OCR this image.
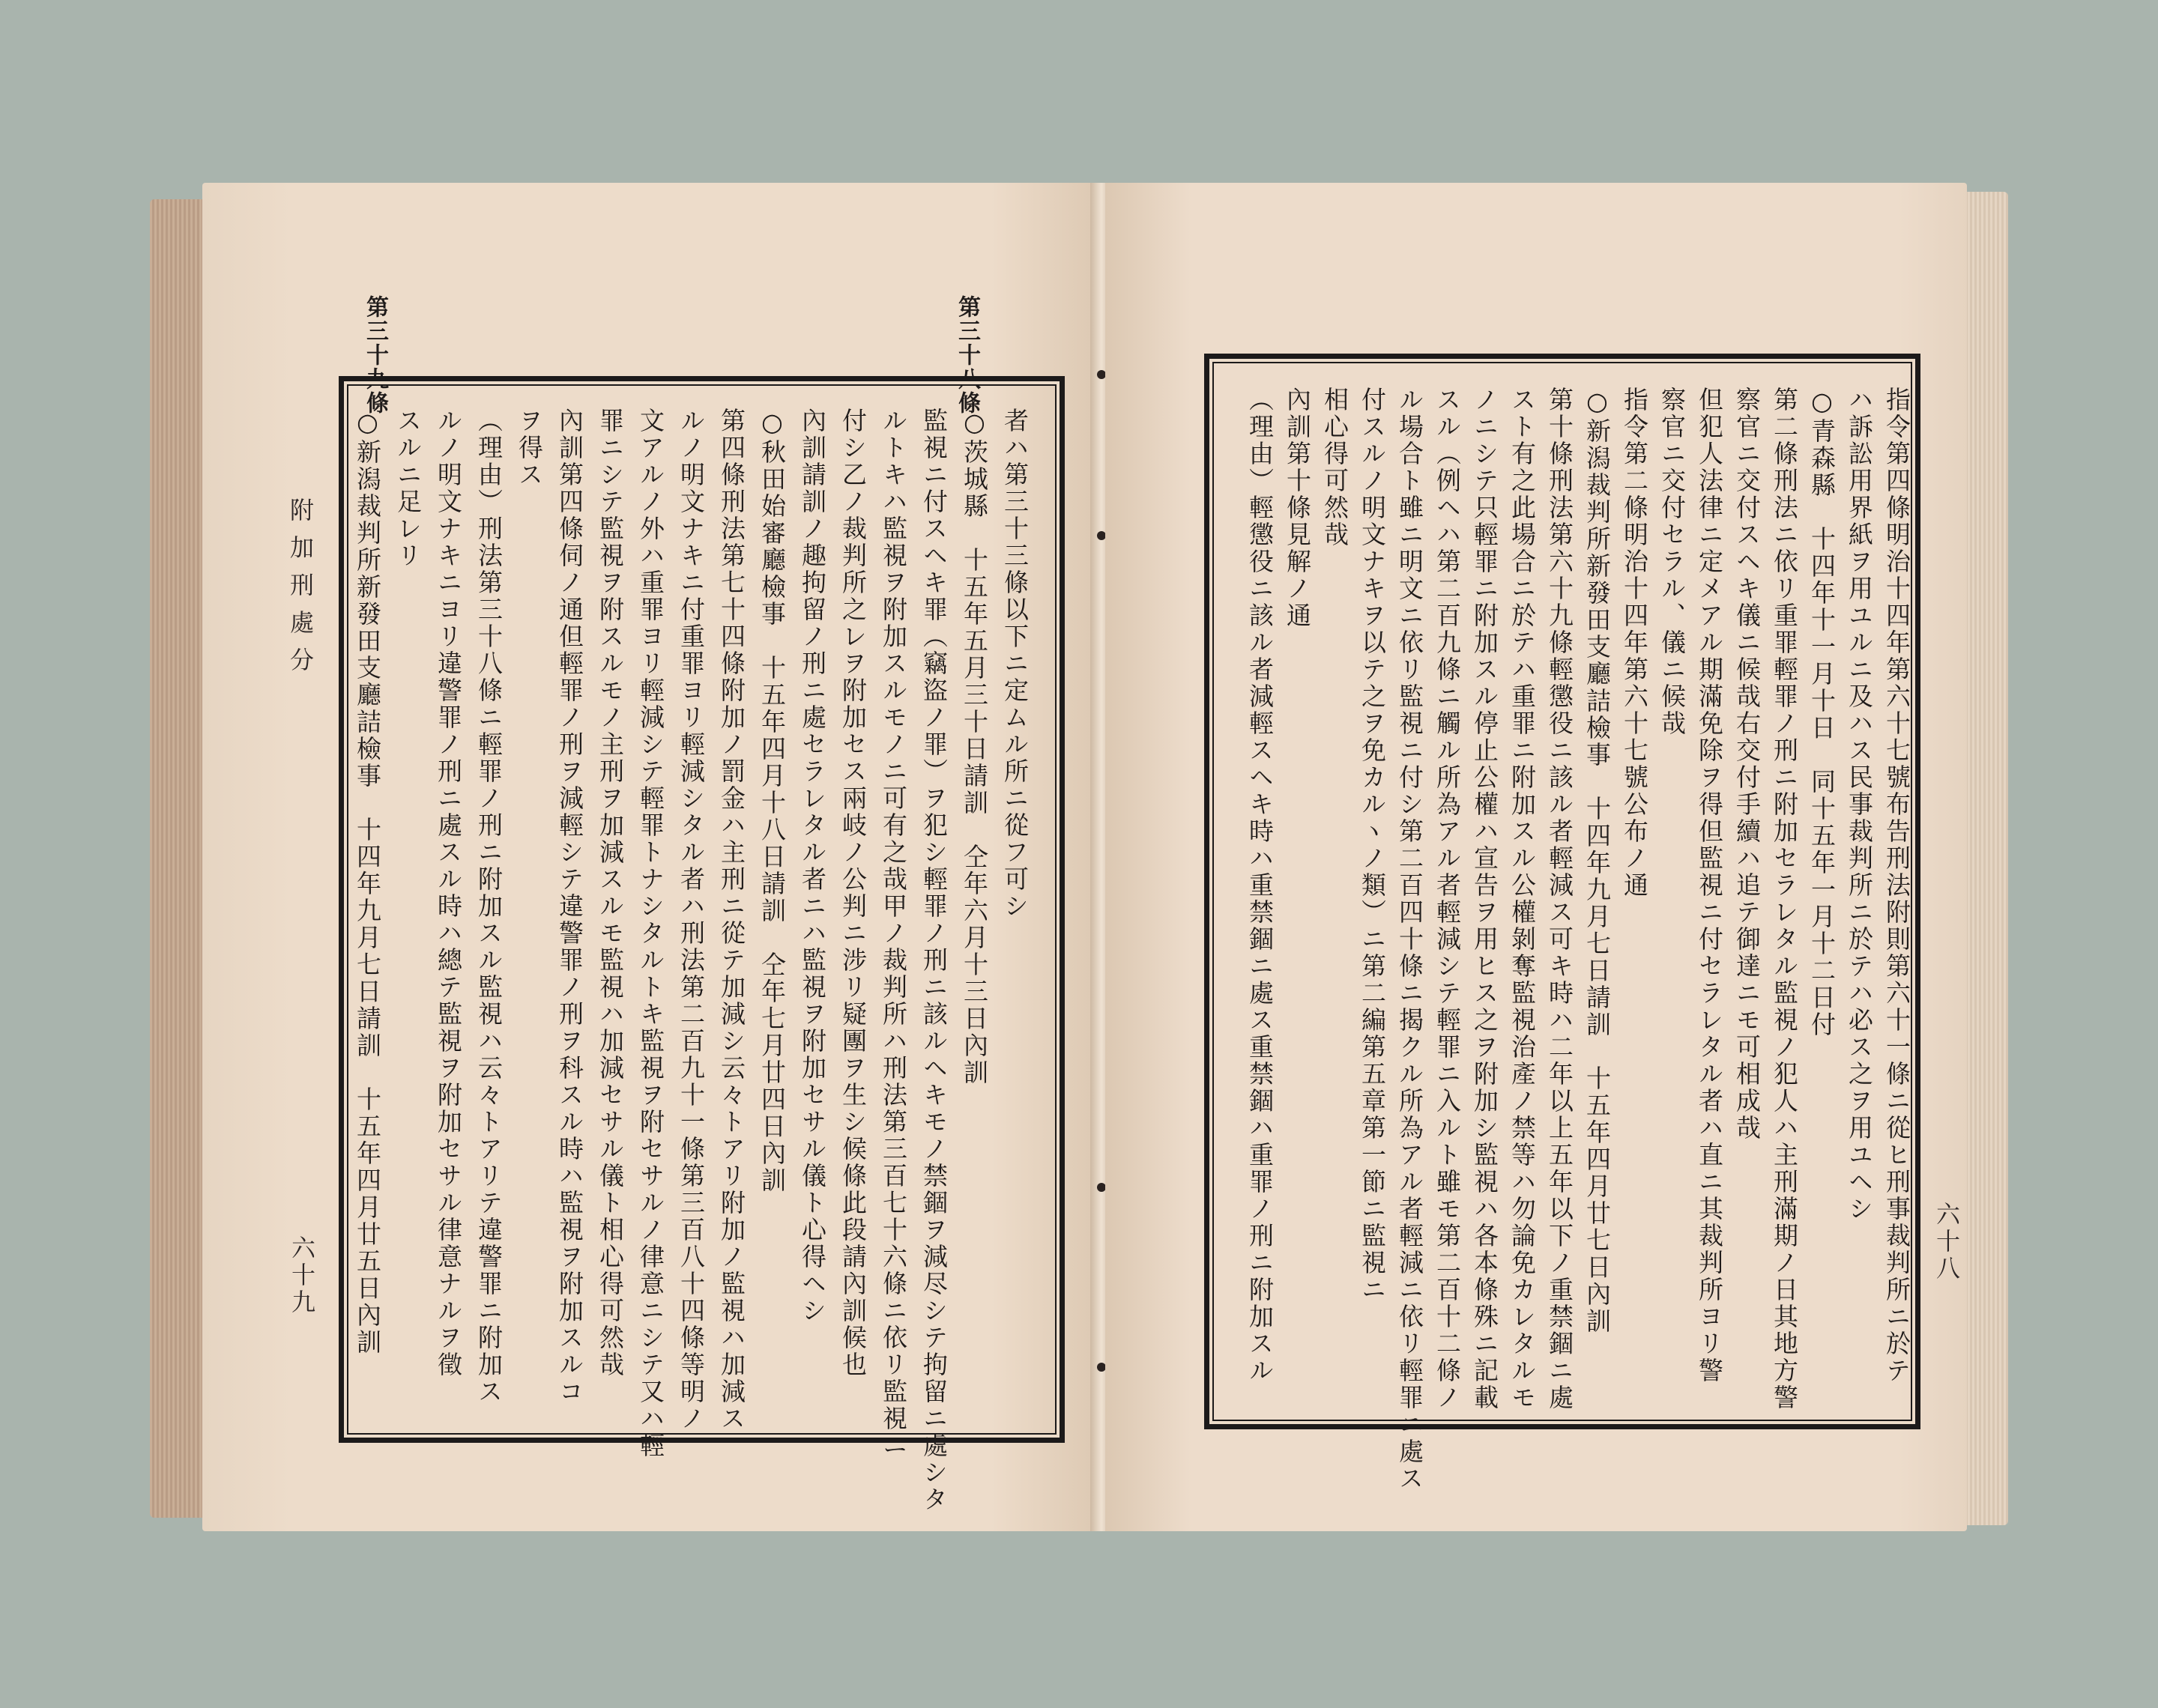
第三十九條	第三十八條
附加刑處分
六十九
者ハ第三十三條以下ニ定ムル所ニ從フ可シ
○茨城縣　十五年五月三十日請訓　仝年六月十三日內訓
監視ニ付スヘキ罪（竊盜ノ罪）ヲ犯シ輕罪ノ刑ニ該ルヘキモノ禁錮ヲ減尽シテ拘留ニ處シタ
ルトキハ監視ヲ附加スルモノニ可有之哉甲ノ裁判所ハ刑法第三百七十六條ニ依リ監視ニ
付シ乙ノ裁判所之レヲ附加セス兩岐ノ公判ニ涉リ疑團ヲ生シ候條此段請內訓候也
內訓請訓ノ趣拘留ノ刑ニ處セラレタル者ニハ監視ヲ附加セサル儀ト心得ヘシ
○秋田始審廳檢事　十五年四月十八日請訓　仝年七月廿四日內訓
第四條刑法第七十四條附加ノ罰金ハ主刑ニ從テ加減シ云々トアリ附加ノ監視ハ加減ス
ルノ明文ナキニ付重罪ヨリ輕減シタル者ハ刑法第二百九十一條第三百八十四條等明ノ
文アルノ外ハ重罪ヨリ輕減シテ輕罪トナシタルトキ監視ヲ附セサルノ律意ニシテ又ハ輕
罪ニシテ監視ヲ附スルモノ主刑ヲ加減スルモ監視ハ加減セサル儀ト相心得可然哉
內訓第四條伺ノ通但輕罪ノ刑ヲ減輕シテ違警罪ノ刑ヲ科スル時ハ監視ヲ附加スルコ
ヲ得ス
（理由）刑法第三十八條ニ輕罪ノ刑ニ附加スル監視ハ云々トアリテ違警罪ニ附加ス
ルノ明文ナキニヨリ違警罪ノ刑ニ處スル時ハ總テ監視ヲ附加セサル律意ナルヲ徵
スルニ足レリ
○新潟裁判所新發田支廳詰檢事　十四年九月七日請訓　十五年四月廿五日內訓	六十八
指令第四條明治十四年第六十七號布告刑法附則第六十一條ニ從ヒ刑事裁判所ニ於テ
ハ訴訟用界紙ヲ用ユルニ及ハス民事裁判所ニ於テハ必ス之ヲ用ユヘシ
○青森縣　十四年十一月十日　同十五年一月十二日付
第二條刑法ニ依リ重罪輕罪ノ刑ニ附加セラレタル監視ノ犯人ハ主刑滿期ノ日其地方警
察官ニ交付スヘキ儀ニ候哉右交付手續ハ追テ御達ニモ可相成哉
但犯人法律ニ定メアル期滿免除ヲ得但監視ニ付セラレタル者ハ直ニ其裁判所ヨリ警
察官ニ交付セラル、儀ニ候哉
指令第二條明治十四年第六十七號公布ノ通
○新潟裁判所新發田支廳詰檢事　十四年九月七日請訓　十五年四月廿七日內訓
第十條刑法第六十九條輕懲役ニ該ル者輕減ス可キ時ハ二年以上五年以下ノ重禁錮ニ處
スト有之此場合ニ於テハ重罪ニ附加スル公權剝奪監視治產ノ禁等ハ勿論免カレタルモ
ノニシテ只輕罪ニ附加スル停止公權ハ宣告ヲ用ヒス之ヲ附加シ監視ハ各本條殊ニ記載
スル（例ヘハ第二百九條ニ觸ル所為アル者輕減シテ輕罪ニ入ルト雖モ第二百十二條ノ
ル場合ト雖ニ明文ニ依リ監視ニ付シ第二百四十條ニ揭クル所為アル者輕減ニ依リ輕罪ニ處ス
付スルノ明文ナキヲ以テ之ヲ免カルヽノ類）ニ第二編第五章第一節ニ監視ニ
相心得可然哉
內訓第十條見解ノ通
（理由）輕懲役ニ該ル者減輕スヘキ時ハ重禁錮ニ處ス重禁錮ハ重罪ノ刑ニ附加スル
